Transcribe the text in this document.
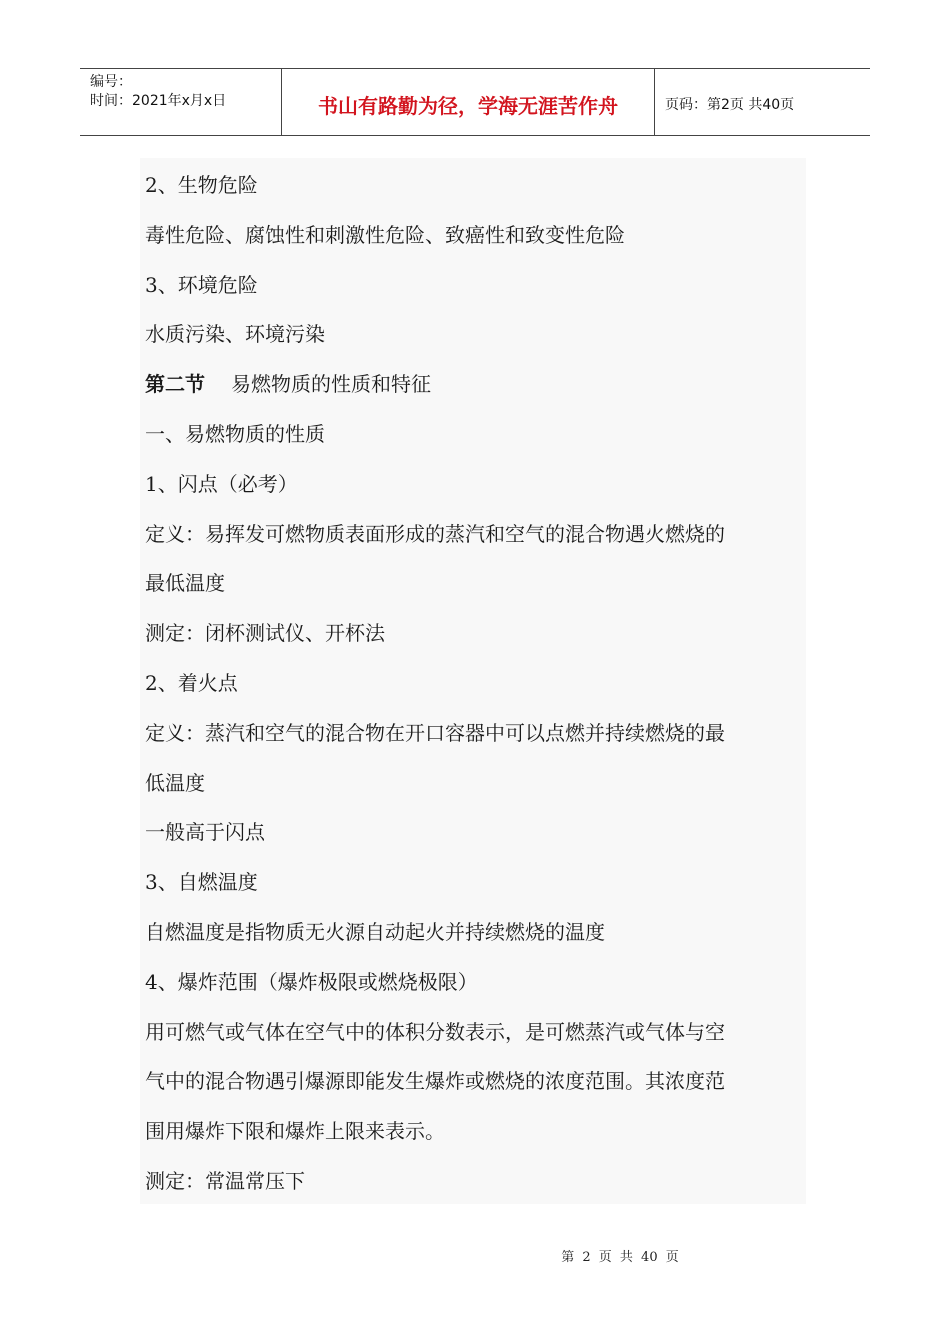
编号：
时间：2021年x月x日	书山有路勤为径，学海无涯苦作舟	页码：第2页 共40页
2、生物危险
毒性危险、腐蚀性和刺激性危险、致癌性和致变性危险
3、环境危险
水质污染、环境污染
第二节 易燃物质的性质和特征
一、易燃物质的性质
1、闪点（必考）
定义：易挥发可燃物质表面形成的蒸汽和空气的混合物遇火燃烧的
最低温度
测定：闭杯测试仪、开杯法
2、着火点
定义：蒸汽和空气的混合物在开口容器中可以点燃并持续燃烧的最
低温度
一般高于闪点
3、自燃温度
自燃温度是指物质无火源自动起火并持续燃烧的温度
4、爆炸范围（爆炸极限或燃烧极限）
用可燃气或气体在空气中的体积分数表示，是可燃蒸汽或气体与空
气中的混合物遇引爆源即能发生爆炸或燃烧的浓度范围。其浓度范
围用爆炸下限和爆炸上限来表示。
测定：常温常压下
第 2 页 共 40 页
